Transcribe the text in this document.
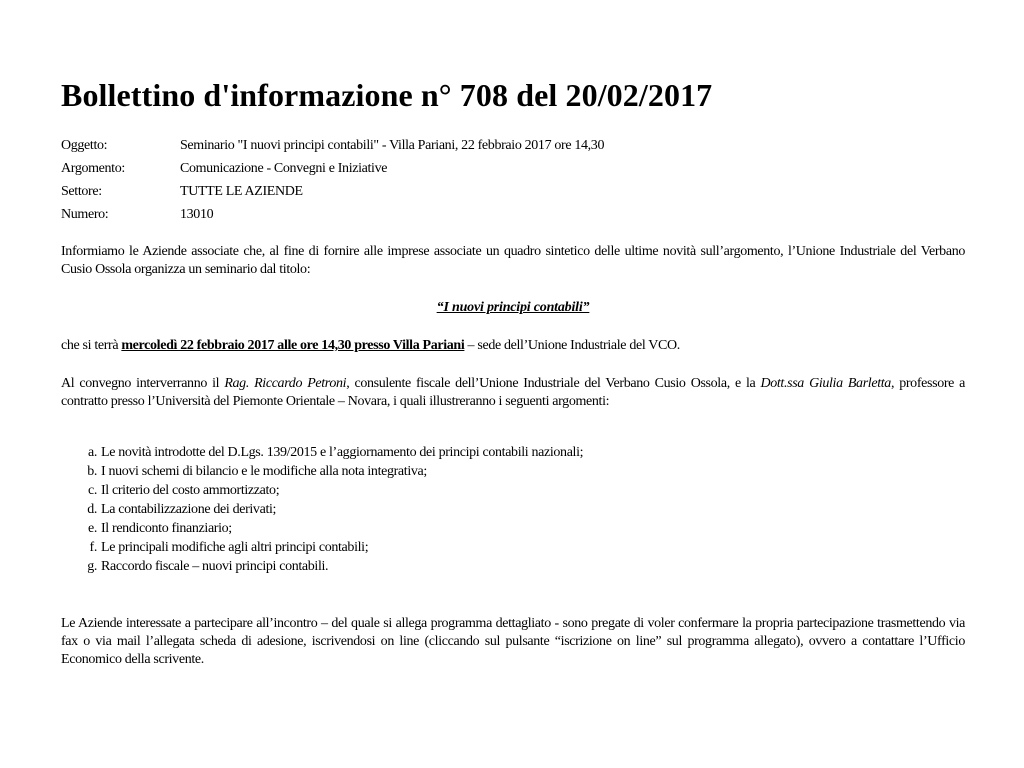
Bollettino d'informazione n° 708 del 20/02/2017
Oggetto:	Seminario "I nuovi principi contabili" - Villa Pariani, 22 febbraio 2017 ore 14,30
Argomento:	Comunicazione - Convegni e Iniziative
Settore:	TUTTE LE AZIENDE
Numero:	13010

Informiamo le Aziende associate che, al fine di fornire alle imprese associate un quadro sintetico delle ultime novità sull’argomento, l’Unione Industriale del Verbano Cusio Ossola organizza un seminario dal titolo:

“I nuovi principi contabili”

che si terrà mercoledì 22 febbraio 2017 alle ore 14,30 presso Villa Pariani – sede dell’Unione Industriale del VCO.

Al convegno interverranno il Rag. Riccardo Petroni, consulente fiscale dell’Unione Industriale del Verbano Cusio Ossola, e la Dott.ssa Giulia Barletta, professore a contratto presso l’Università del Piemonte Orientale – Novara, i quali illustreranno i seguenti argomenti:

a. Le novità introdotte del D.Lgs. 139/2015 e l’aggiornamento dei principi contabili nazionali;
b. I nuovi schemi di bilancio e le modifiche alla nota integrativa;
c. Il criterio del costo ammortizzato;
d. La contabilizzazione dei derivati;
e. Il rendiconto finanziario;
f. Le principali modifiche agli altri principi contabili;
g. Raccordo fiscale – nuovi principi contabili.

Le Aziende interessate a partecipare all’incontro – del quale si allega programma dettagliato - sono pregate di voler confermare la propria partecipazione trasmettendo via fax o via mail l’allegata scheda di adesione, iscrivendosi on line (cliccando sul pulsante “iscrizione on line” sul programma allegato), ovvero a contattare l’Ufficio Economico della scrivente.
